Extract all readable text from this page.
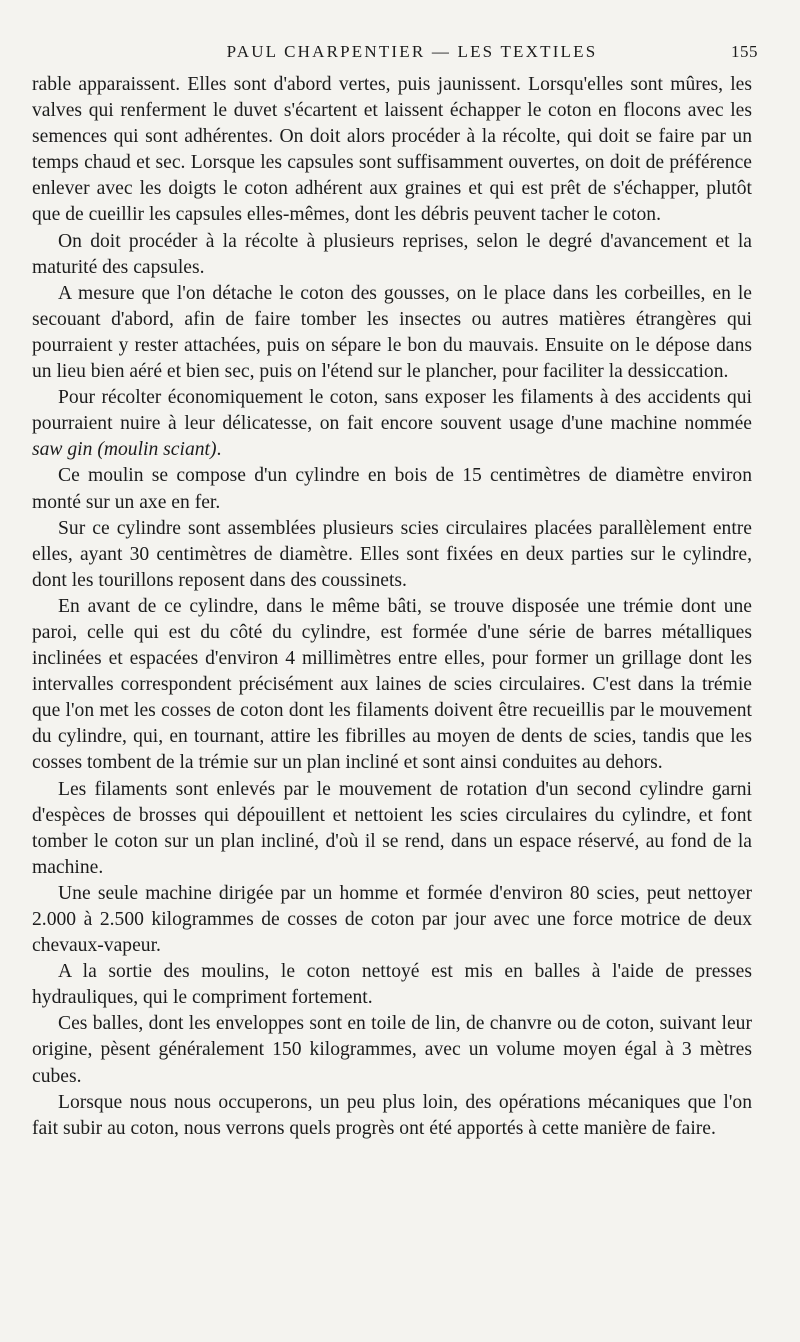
PAUL CHARPENTIER — LES TEXTILES	155

rable apparaissent. Elles sont d'abord vertes, puis jaunissent. Lorsqu'elles sont mûres, les valves qui renferment le duvet s'écartent et laissent échapper le coton en flocons avec les semences qui sont adhérentes. On doit alors procéder à la récolte, qui doit se faire par un temps chaud et sec. Lorsque les capsules sont suffisamment ouvertes, on doit de préférence enlever avec les doigts le coton adhérent aux graines et qui est prêt de s'échapper, plutôt que de cueillir les capsules elles-mêmes, dont les débris peuvent tacher le coton.

On doit procéder à la récolte à plusieurs reprises, selon le degré d'avancement et la maturité des capsules.

A mesure que l'on détache le coton des gousses, on le place dans les corbeilles, en le secouant d'abord, afin de faire tomber les insectes ou autres matières étrangères qui pourraient y rester attachées, puis on sépare le bon du mauvais. Ensuite on le dépose dans un lieu bien aéré et bien sec, puis on l'étend sur le plancher, pour faciliter la dessiccation.

Pour récolter économiquement le coton, sans exposer les filaments à des accidents qui pourraient nuire à leur délicatesse, on fait encore souvent usage d'une machine nommée saw gin (moulin sciant).

Ce moulin se compose d'un cylindre en bois de 15 centimètres de diamètre environ monté sur un axe en fer.

Sur ce cylindre sont assemblées plusieurs scies circulaires placées parallèlement entre elles, ayant 30 centimètres de diamètre. Elles sont fixées en deux parties sur le cylindre, dont les tourillons reposent dans des coussinets.

En avant de ce cylindre, dans le même bâti, se trouve disposée une trémie dont une paroi, celle qui est du côté du cylindre, est formée d'une série de barres métalliques inclinées et espacées d'environ 4 millimètres entre elles, pour former un grillage dont les intervalles correspondent précisément aux laines de scies circulaires. C'est dans la trémie que l'on met les cosses de coton dont les filaments doivent être recueillis par le mouvement du cylindre, qui, en tournant, attire les fibrilles au moyen de dents de scies, tandis que les cosses tombent de la trémie sur un plan incliné et sont ainsi conduites au dehors.

Les filaments sont enlevés par le mouvement de rotation d'un second cylindre garni d'espèces de brosses qui dépouillent et nettoient les scies circulaires du cylindre, et font tomber le coton sur un plan incliné, d'où il se rend, dans un espace réservé, au fond de la machine.

Une seule machine dirigée par un homme et formée d'environ 80 scies, peut nettoyer 2.000 à 2.500 kilogrammes de cosses de coton par jour avec une force motrice de deux chevaux-vapeur.

A la sortie des moulins, le coton nettoyé est mis en balles à l'aide de presses hydrauliques, qui le compriment fortement.

Ces balles, dont les enveloppes sont en toile de lin, de chanvre ou de coton, suivant leur origine, pèsent généralement 150 kilogrammes, avec un volume moyen égal à 3 mètres cubes.

Lorsque nous nous occuperons, un peu plus loin, des opérations mécaniques que l'on fait subir au coton, nous verrons quels progrès ont été apportés à cette manière de faire.
